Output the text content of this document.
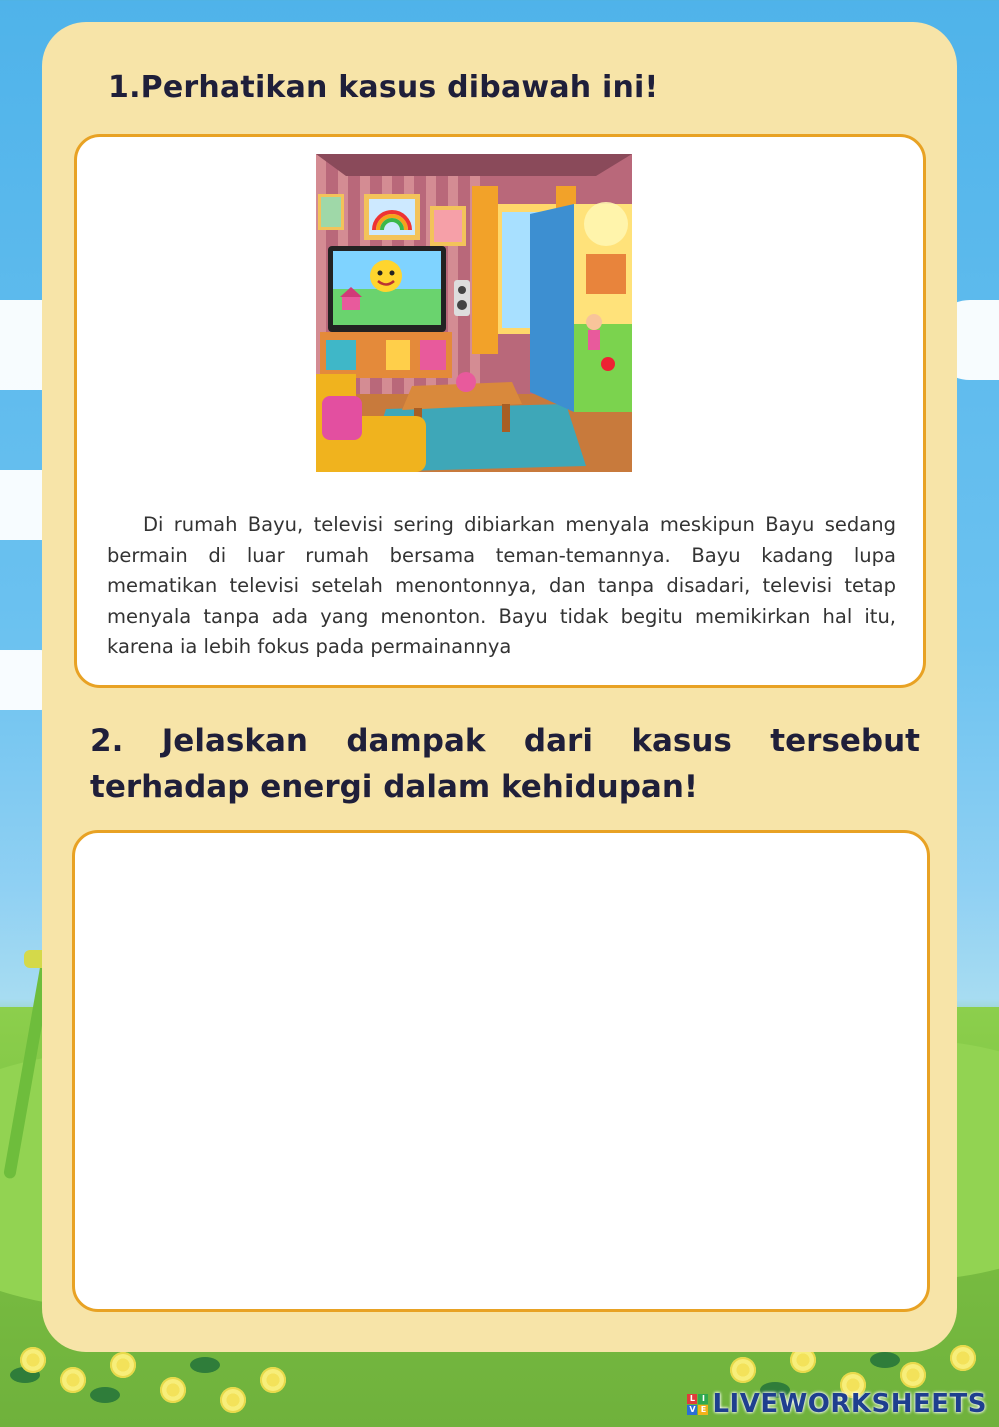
1.Perhatikan kasus dibawah ini!

Di rumah Bayu, televisi sering dibiarkan menyala meskipun Bayu sedang bermain di luar rumah bersama teman-temannya. Bayu kadang lupa mematikan televisi setelah menontonnya, dan tanpa disadari, televisi tetap menyala tanpa ada yang menonton. Bayu tidak begitu memikirkan hal itu, karena ia lebih fokus pada permainannya

2. Jelaskan dampak dari kasus tersebut terhadap energi dalam kehidupan!
L I
V E LIVEWORKSHEETS
